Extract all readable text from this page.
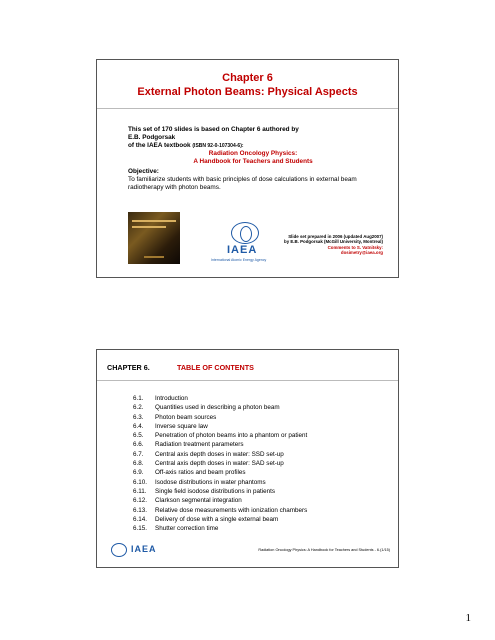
Chapter 6
External Photon Beams: Physical Aspects
This set of 170 slides is based on Chapter 6 authored by
E.B. Podgorsak
of the IAEA textbook (ISBN 92-0-107304-6):
Radiation Oncology Physics:
A Handbook for Teachers and Students
Objective:
To familiarize students with basic principles of dose calculations in external beam radiotherapy with photon beams.
IAEA
International Atomic Energy Agency
Slide set prepared in 2006 (updated Aug2007)
by E.B. Podgorsak (McGill University, Montreal)
Comments to S. Vatnitsky:
dosimetry@iaea.org
CHAPTER 6.	TABLE OF CONTENTS
6.1.	Introduction
6.2.	Quantities used in describing a photon beam
6.3.	Photon beam sources
6.4.	Inverse square law
6.5.	Penetration of photon beams into a phantom or patient
6.6.	Radiation treatment parameters
6.7.	Central axis depth doses in water: SSD set-up
6.8.	Central axis depth doses in water: SAD set-up
6.9.	Off-axis ratios and beam profiles
6.10.	Isodose distributions in water phantoms
6.11.	Single field isodose distributions in patients
6.12.	Clarkson segmental integration
6.13.	Relative dose measurements with ionization chambers
6.14.	Delivery of dose with a single external beam
6.15.	Shutter correction time
IAEA	Radiation Oncology Physics: A Handbook for Teachers and Students - 6.(1/15)
1
